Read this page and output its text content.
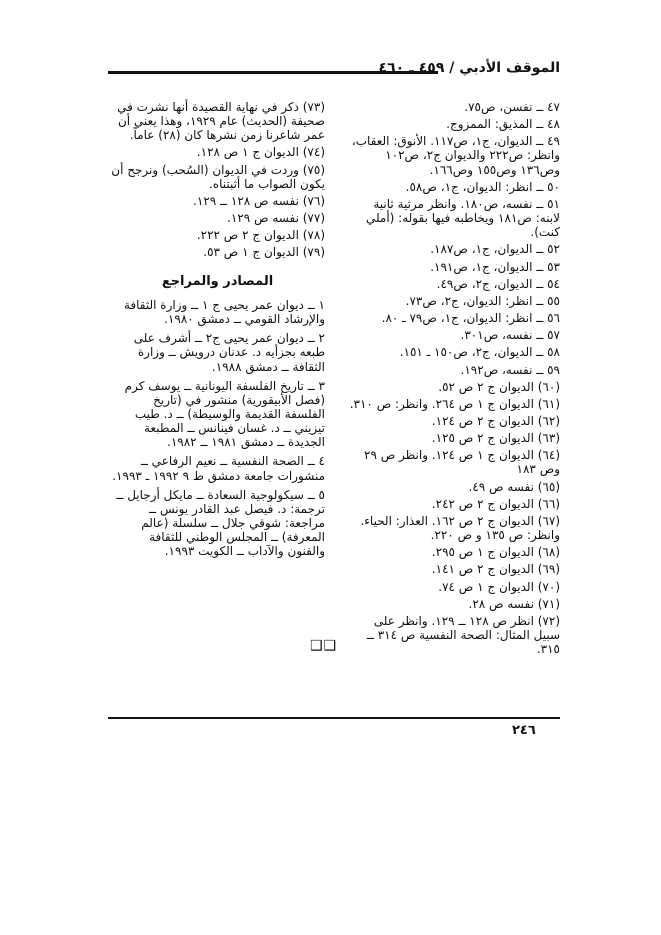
الموقف الأدبي / ٤٥٩ ـ ٤٦٠
٤٧ ــ نفسن، ص٧٥.
٤٨ ــ المذيق: الممزوج.
٤٩ ــ الديوان، ج١، ص١١٧. الأنوق: العقاب، وانظر: ص٢٢٢ والديوان ج٢، ص١٠٢ وص١٣٦ وص١٥٥ وص١٦٦.
٥٠ ــ انظر: الديوان، ج١، ص٥٨.
٥١ ــ نفسه، ص١٨٠. وانظر مرثية ثانية لابنه: ص١٨١ ويخاطبه فيها بقوله: (أملي كنت).
٥٢ ــ الديوان، ج١، ص١٨٧.
٥٣ ــ الديوان، ج١، ص١٩١.
٥٤ ــ الديوان، ج٢، ص٤٩.
٥٥ ــ انظر: الديوان، ج٢، ص٧٣.
٥٦ ــ انظر: الديوان، ج١، ص٧٩ ـ ٨٠.
٥٧ ــ نفسه، ص٣٠١.
٥٨ ــ الديوان، ج٢، ص١٥٠ ـ ١٥١.
٥٩ ــ نفسه، ص١٩٢.
(٦٠) الديوان ج ٢ ص ٥٢.
(٦١) الديوان ج ١ ص ٢٦٤. وانظر: ص ٣١٠.
(٦٢) الديوان ج ٢ ص ١٢٤.
(٦٣) الديوان ج ٢ ص ١٢٥.
(٦٤) الديوان ج ١ ص ١٢٤. وانظر ص ٢٩ وص ١٨٣
(٦٥) نفسه ص ٤٩.
(٦٦) الديوان ج ٢ ص ٢٤٢.
(٦٧) الديوان ج ٢ ص ١٦٢. العذار: الحياء. وانظر: ص ١٣٥ و ص ٢٢٠.
(٦٨) الديوان ج ١ ص ٢٩٥.
(٦٩) الديوان ج ٢ ص ١٤١.
(٧٠) الديوان ج ١ ص ٧٤.
(٧١) نفسه ص ٢٨.
(٧٢) انظر ص ١٢٨ ــ ١٢٩. وانظر على سبيل المثال: الصحة النفسية ص ٣١٤ ــ ٣١٥.
(٧٣) ذكر في نهاية القصيدة أنها نشرت في صحيفة (الحديث) عام ١٩٢٩، وهذا يعني أن عمر شاعرنا زمن نشرها كان (٢٨) عاماً.
(٧٤) الديوان ج ١ ص ١٢٨.
(٧٥) وردت في الديوان (السُحب) ونرجح أن يكون الصواب ما أثبتناه.
(٧٦) نفسه ص ١٢٨ ــ ١٢٩.
(٧٧) نفسه ص ١٢٩.
(٧٨) الديوان ج ٢ ص ٢٢٢.
(٧٩) الديوان ج ١ ص ٥٣.
المصادر والمراجع
١ ــ ديوان عمر يحيى ج ١ ــ وزارة الثقافة والإرشاد القومي ــ دمشق ١٩٨٠.
٢ ــ ديوان عمر يحيى ج٢ ــ أشرف على طبعه بجزأيه د. عدنان درويش ــ وزارة الثقافة ــ دمشق ١٩٨٨.
٣ ــ تاريخ الفلسفة اليونانية ــ يوسف كرم (فصل الأبيقورية) منشور في (تاريخ الفلسفة القديمة والوسيطة) ــ د. طيب تيزيني ــ د. غسان فينانس ــ المطبعة الجديدة ــ دمشق ١٩٨١ ــ ١٩٨٢.
٤ ــ الصحة النفسية ــ نعيم الرفاعي ــ منشورات جامعة دمشق ط ٩ ١٩٩٢ ـ ١٩٩٣.
٥ ــ سيكولوجية السعادة ــ مايكل أرجايل ــ ترجمة: د. فيصل عبد القادر يونس ــ مراجعة: شوقي جلال ــ سلسلة (عالم المعرفة) ــ المجلس الوطني للثقافة والفنون والآداب ــ الكويت ١٩٩٣.
❑❑
٢٤٦
